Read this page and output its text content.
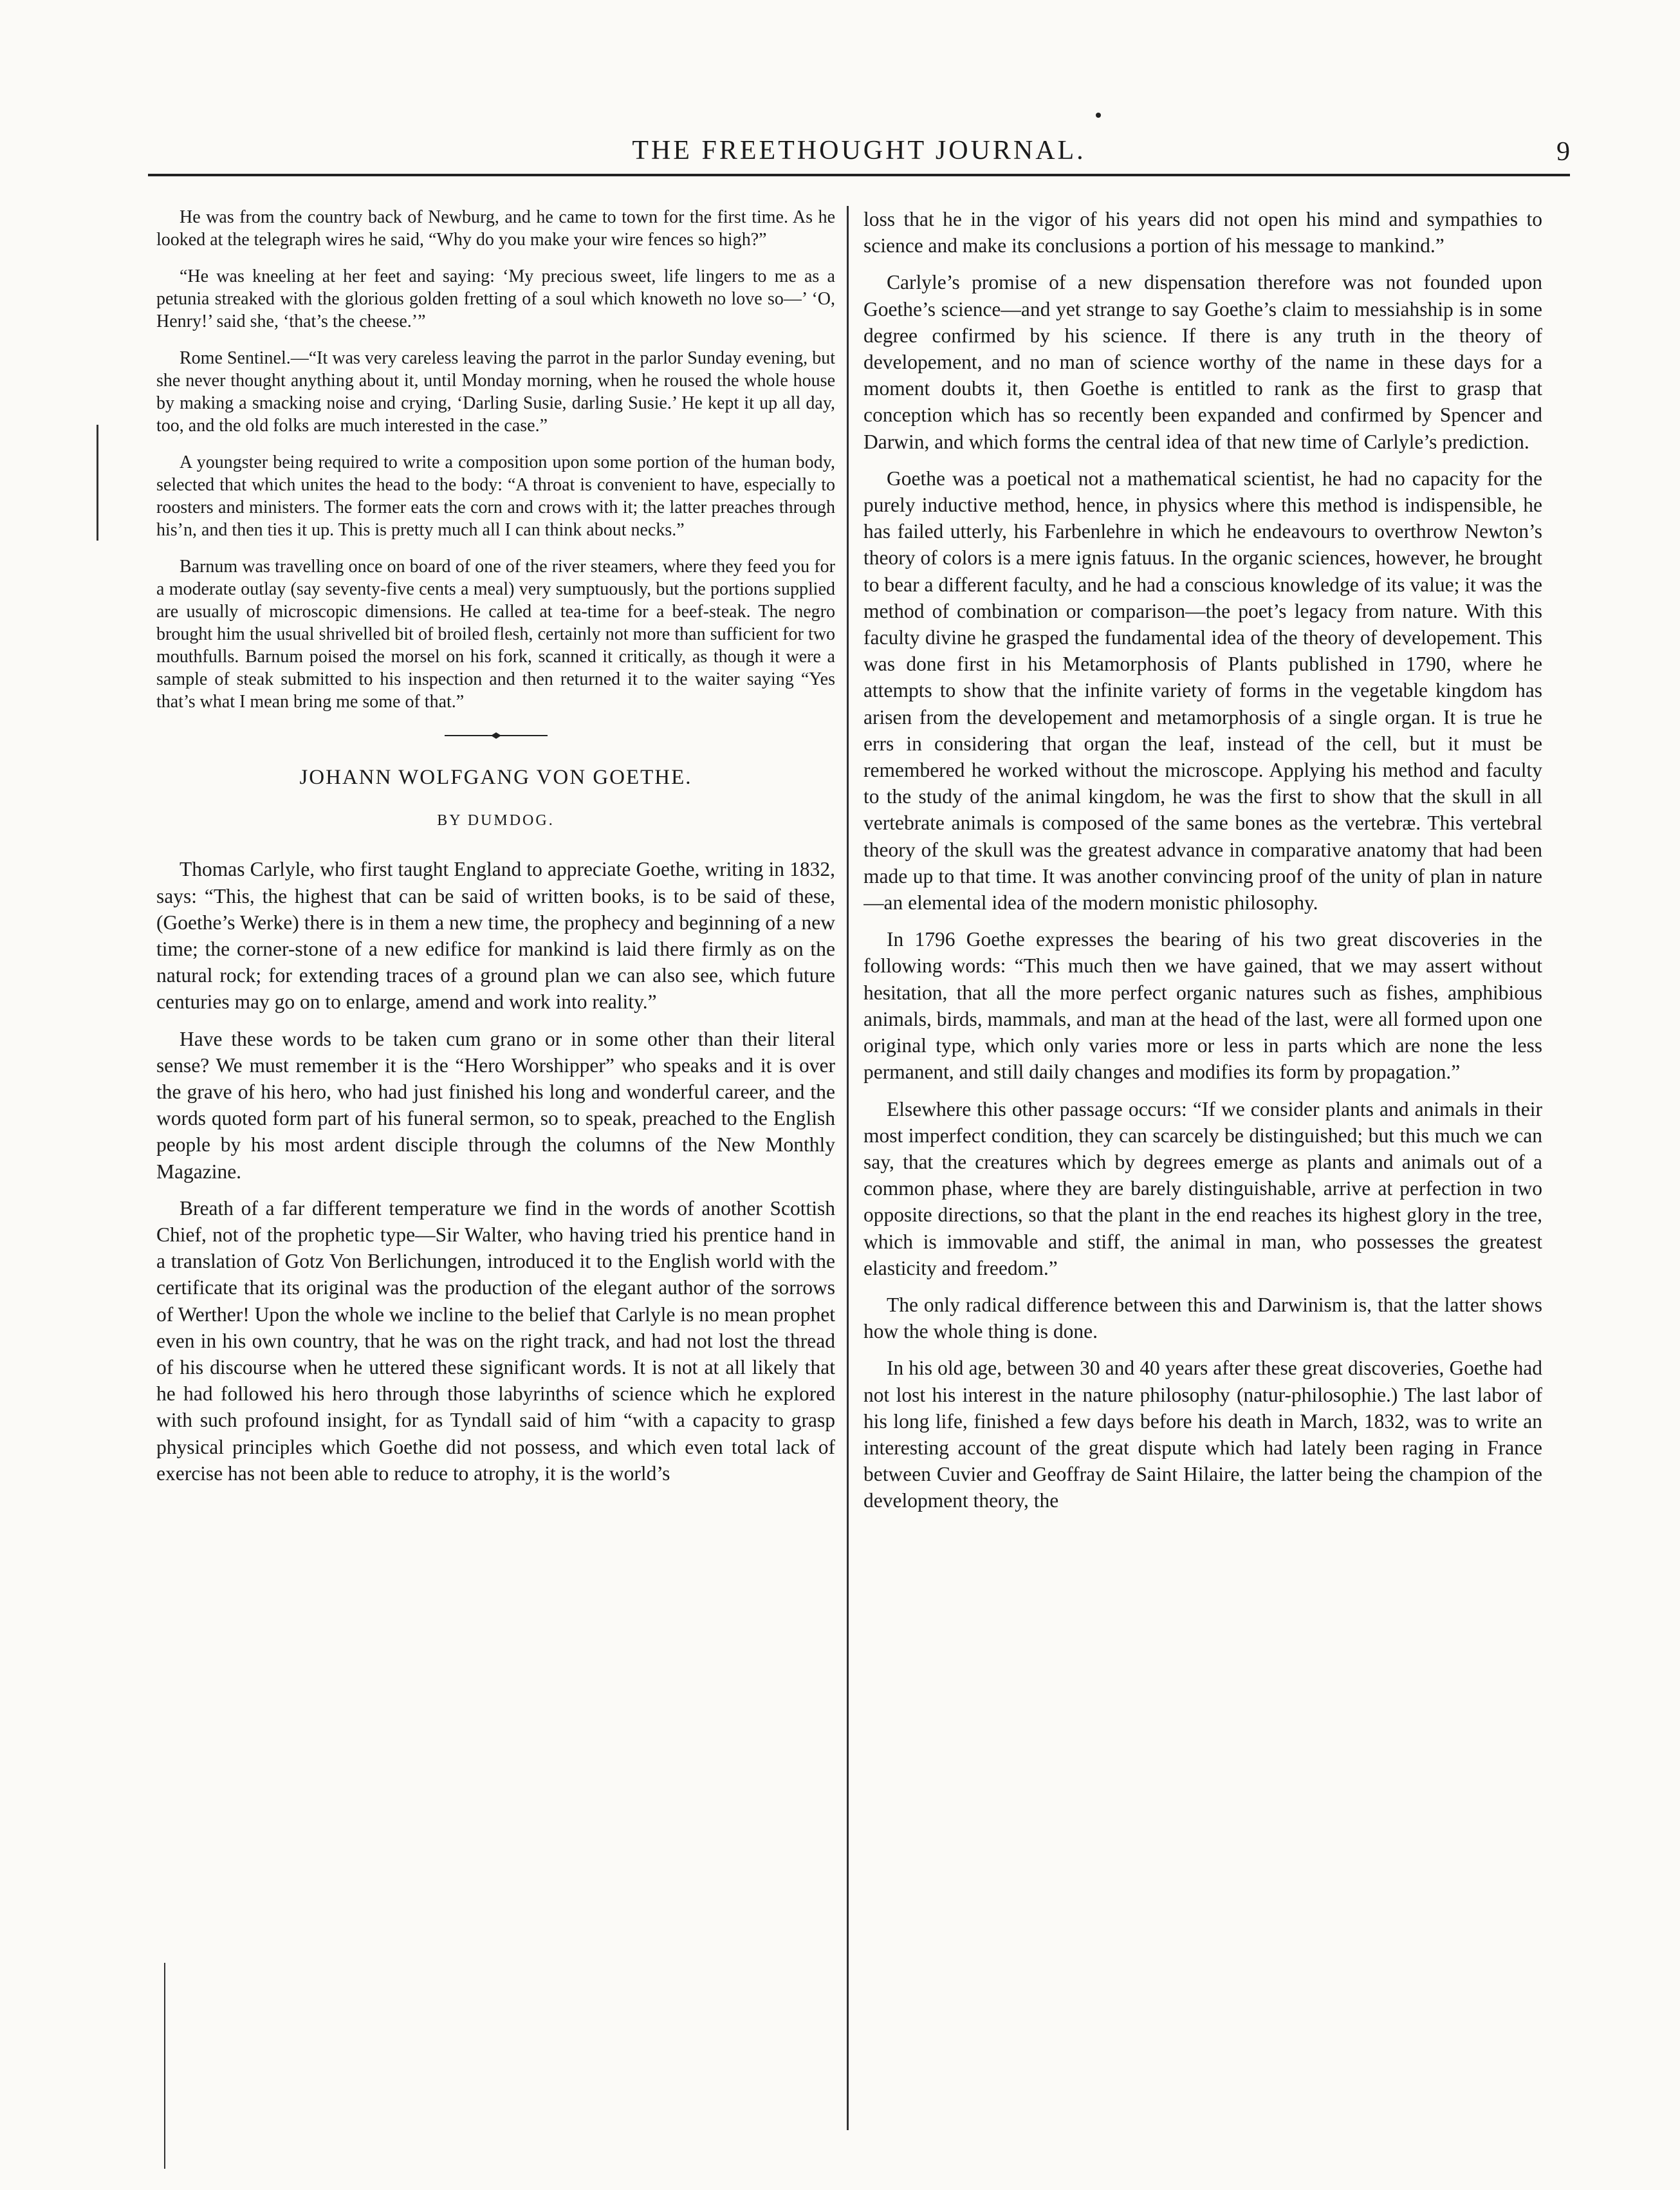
THE FREETHOUGHT JOURNAL.	9

He was from the country back of Newburg, and he came to town for the first time. As he looked at the telegraph wires he said, “Why do you make your wire fences so high?”

“He was kneeling at her feet and saying: ‘My precious sweet, life lingers to me as a petunia streaked with the glorious golden fretting of a soul which knoweth no love so—’ ‘O, Henry!’ said she, ‘that’s the cheese.’”

Rome Sentinel.—“It was very careless leaving the parrot in the parlor Sunday evening, but she never thought anything about it, until Monday morning, when he roused the whole house by making a smacking noise and crying, ‘Darling Susie, darling Susie.’ He kept it up all day, too, and the old folks are much interested in the case.”

A youngster being required to write a composition upon some portion of the human body, selected that which unites the head to the body: “A throat is convenient to have, especially to roosters and ministers. The former eats the corn and crows with it; the latter preaches through his’n, and then ties it up. This is pretty much all I can think about necks.”

Barnum was travelling once on board of one of the river steamers, where they feed you for a moderate outlay (say seventy-five cents a meal) very sumptuously, but the portions supplied are usually of microscopic dimensions. He called at tea-time for a beef-steak. The negro brought him the usual shrivelled bit of broiled flesh, certainly not more than sufficient for two mouthfulls. Barnum poised the morsel on his fork, scanned it critically, as though it were a sample of steak submitted to his inspection and then returned it to the waiter saying “Yes that’s what I mean bring me some of that.”

JOHANN WOLFGANG VON GOETHE.
BY DUMDOG.

Thomas Carlyle, who first taught England to appreciate Goethe, writing in 1832, says: “This, the highest that can be said of written books, is to be said of these, (Goethe’s Werke) there is in them a new time, the prophecy and beginning of a new time; the corner-stone of a new edifice for mankind is laid there firmly as on the natural rock; for extending traces of a ground plan we can also see, which future centuries may go on to enlarge, amend and work into reality.”

Have these words to be taken cum grano or in some other than their literal sense? We must remember it is the “Hero Worshipper” who speaks and it is over the grave of his hero, who had just finished his long and wonderful career, and the words quoted form part of his funeral sermon, so to speak, preached to the English people by his most ardent disciple through the columns of the New Monthly Magazine.

Breath of a far different temperature we find in the words of another Scottish Chief, not of the prophetic type—Sir Walter, who having tried his prentice hand in a translation of Gotz Von Berlichungen, introduced it to the English world with the certificate that its original was the production of the elegant author of the sorrows of Werther! Upon the whole we incline to the belief that Carlyle is no mean prophet even in his own country, that he was on the right track, and had not lost the thread of his discourse when he uttered these significant words. It is not at all likely that he had followed his hero through those labyrinths of science which he explored with such profound insight, for as Tyndall said of him “with a capacity to grasp physical principles which Goethe did not possess, and which even total lack of exercise has not been able to reduce to atrophy, it is the world’s

loss that he in the vigor of his years did not open his mind and sympathies to science and make its conclusions a portion of his message to mankind.”

Carlyle’s promise of a new dispensation therefore was not founded upon Goethe’s science—and yet strange to say Goethe’s claim to messiahship is in some degree confirmed by his science. If there is any truth in the theory of developement, and no man of science worthy of the name in these days for a moment doubts it, then Goethe is entitled to rank as the first to grasp that conception which has so recently been expanded and confirmed by Spencer and Darwin, and which forms the central idea of that new time of Carlyle’s prediction.

Goethe was a poetical not a mathematical scientist, he had no capacity for the purely inductive method, hence, in physics where this method is indispensible, he has failed utterly, his Farbenlehre in which he endeavours to overthrow Newton’s theory of colors is a mere ignis fatuus. In the organic sciences, however, he brought to bear a different faculty, and he had a conscious knowledge of its value; it was the method of combination or comparison—the poet’s legacy from nature. With this faculty divine he grasped the fundamental idea of the theory of developement. This was done first in his Metamorphosis of Plants published in 1790, where he attempts to show that the infinite variety of forms in the vegetable kingdom has arisen from the developement and metamorphosis of a single organ. It is true he errs in considering that organ the leaf, instead of the cell, but it must be remembered he worked without the microscope. Applying his method and faculty to the study of the animal kingdom, he was the first to show that the skull in all vertebrate animals is composed of the same bones as the vertebræ. This vertebral theory of the skull was the greatest advance in comparative anatomy that had been made up to that time. It was another convincing proof of the unity of plan in nature—an elemental idea of the modern monistic philosophy.

In 1796 Goethe expresses the bearing of his two great discoveries in the following words: “This much then we have gained, that we may assert without hesitation, that all the more perfect organic natures such as fishes, amphibious animals, birds, mammals, and man at the head of the last, were all formed upon one original type, which only varies more or less in parts which are none the less permanent, and still daily changes and modifies its form by propagation.”

Elsewhere this other passage occurs: “If we consider plants and animals in their most imperfect condition, they can scarcely be distinguished; but this much we can say, that the creatures which by degrees emerge as plants and animals out of a common phase, where they are barely distinguishable, arrive at perfection in two opposite directions, so that the plant in the end reaches its highest glory in the tree, which is immovable and stiff, the animal in man, who possesses the greatest elasticity and freedom.”

The only radical difference between this and Darwinism is, that the latter shows how the whole thing is done.

In his old age, between 30 and 40 years after these great discoveries, Goethe had not lost his interest in the nature philosophy (natur-philosophie.) The last labor of his long life, finished a few days before his death in March, 1832, was to write an interesting account of the great dispute which had lately been raging in France between Cuvier and Geoffray de Saint Hilaire, the latter being the champion of the development theory, the
